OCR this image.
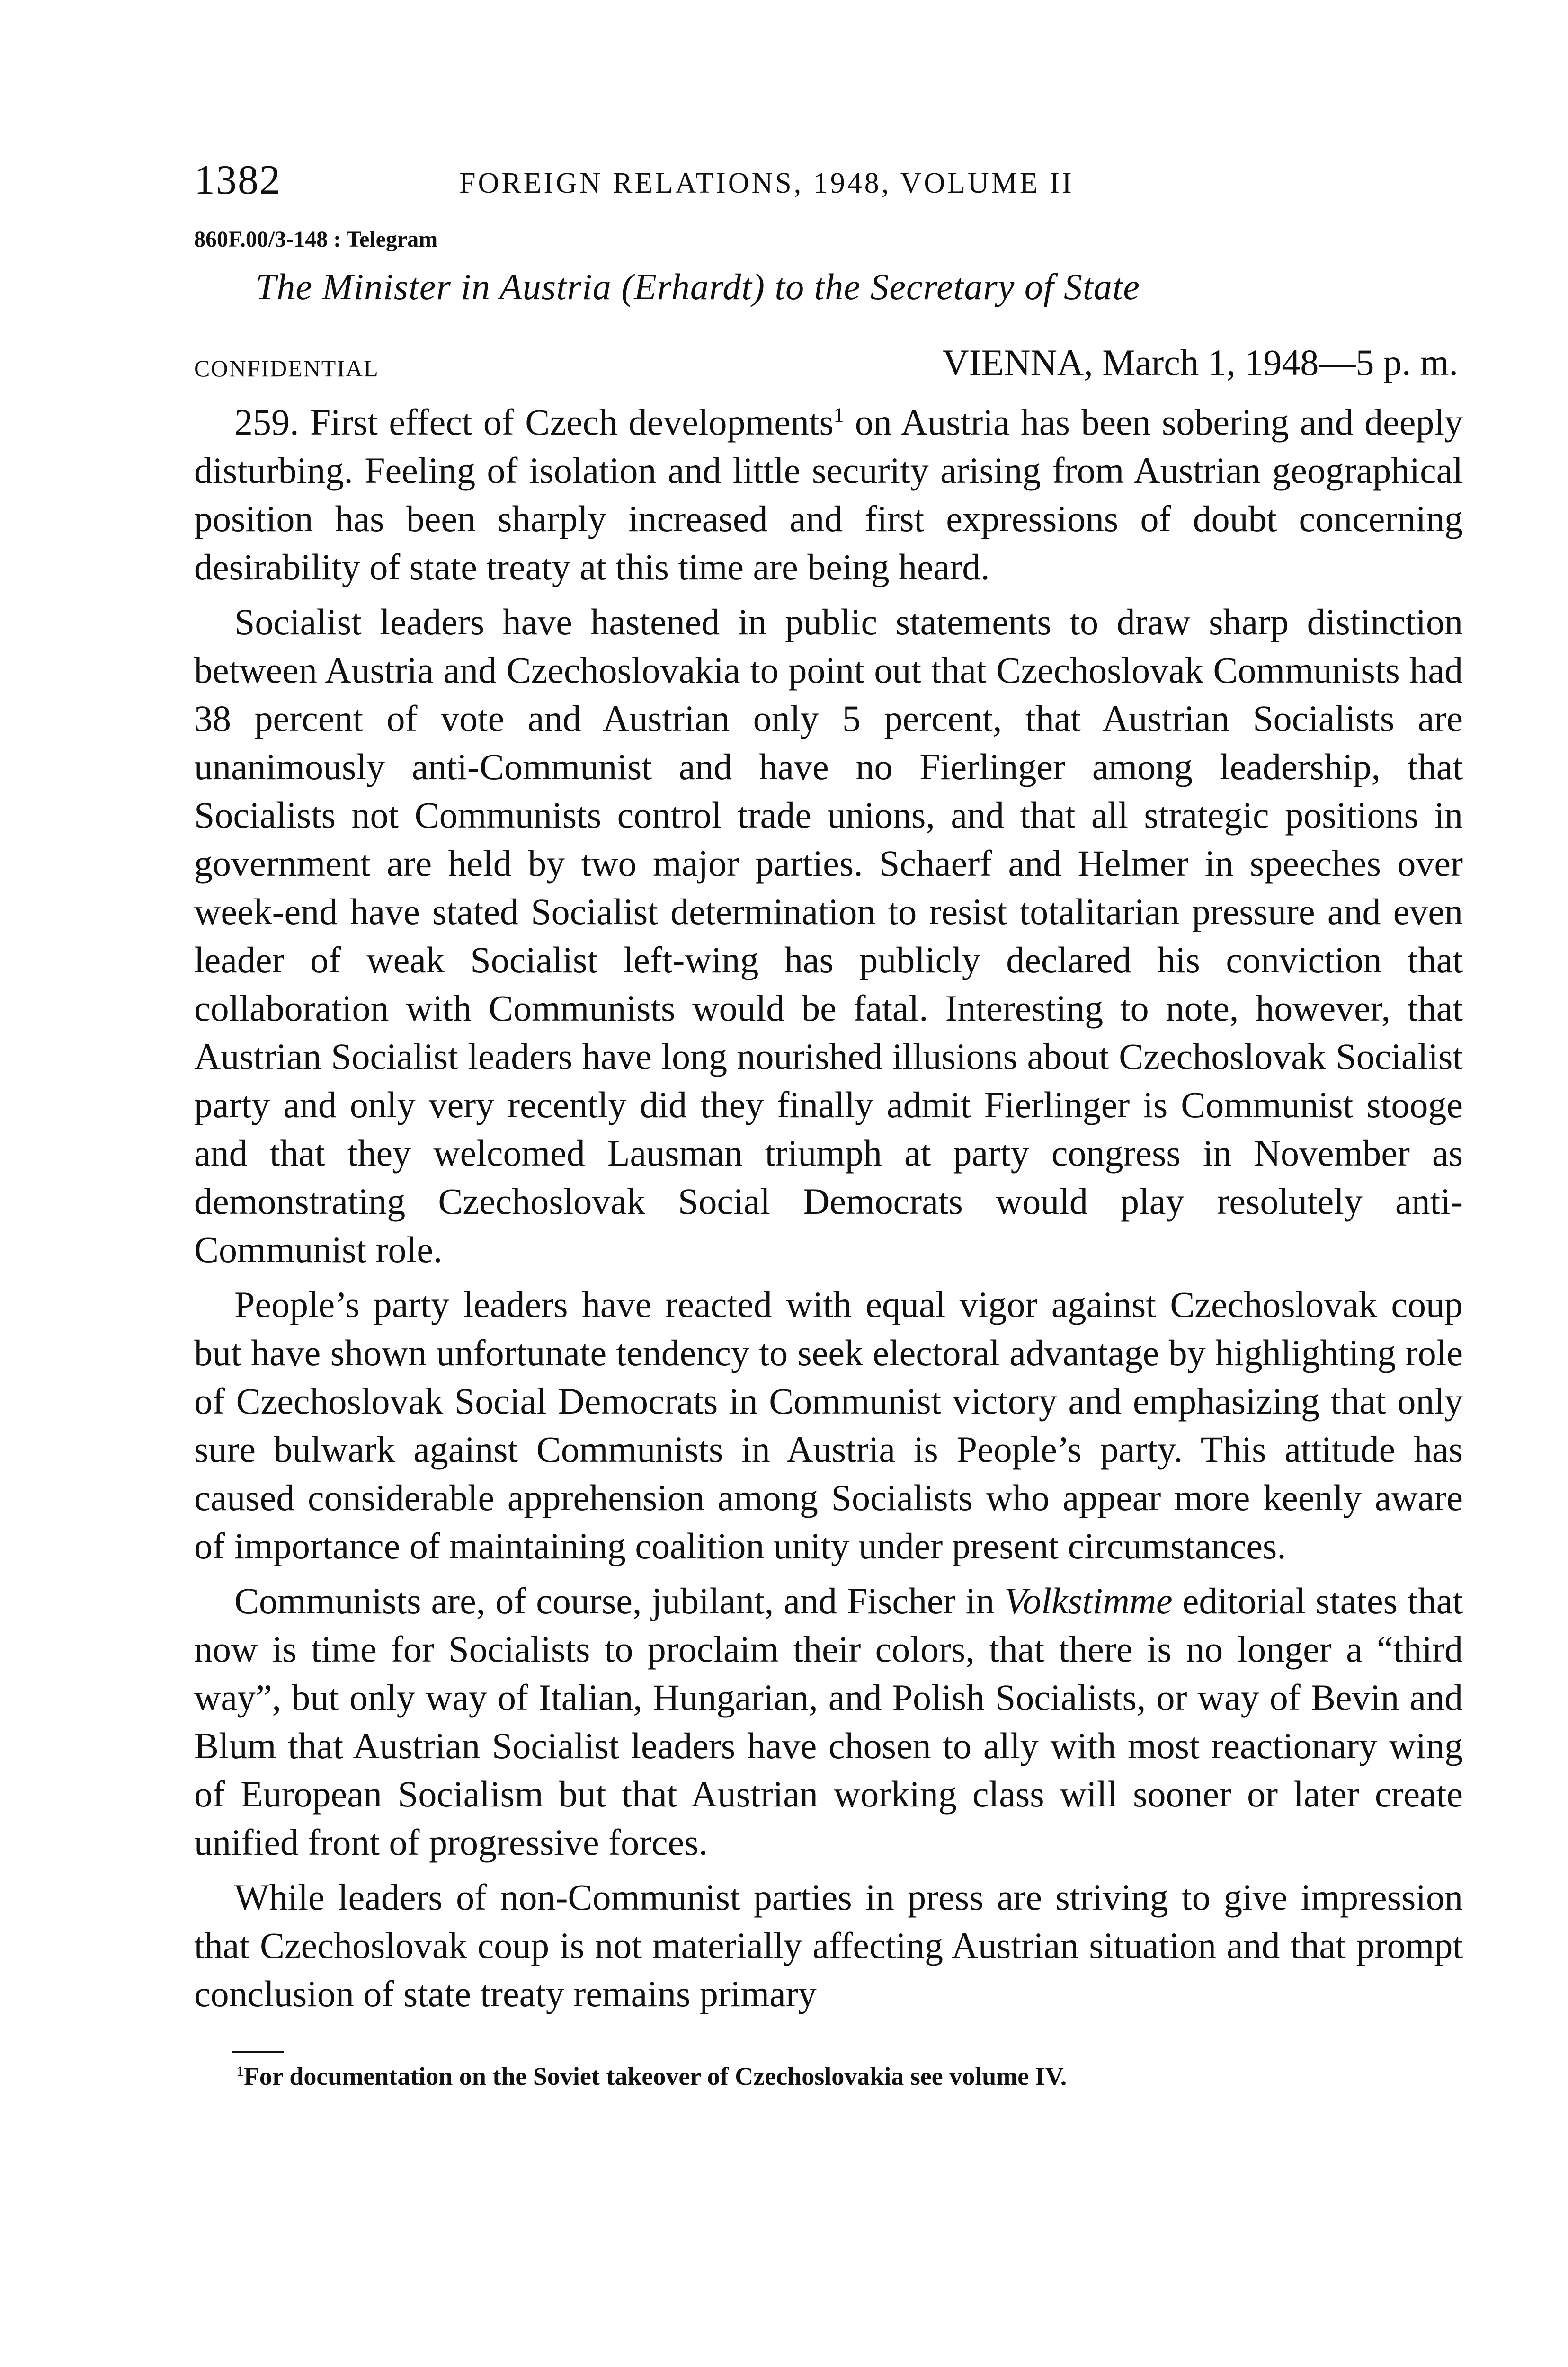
1382	FOREIGN RELATIONS, 1948, VOLUME II
860F.00/3-148 : Telegram
The Minister in Austria (Erhardt) to the Secretary of State
CONFIDENTIAL	VIENNA, March 1, 1948—5 p. m.

259. First effect of Czech developments$^1$ on Austria has been sobering and deeply disturbing. Feeling of isolation and little security arising from Austrian geographical position has been sharply increased and first expressions of doubt concerning desirability of state treaty at this time are being heard.

Socialist leaders have hastened in public statements to draw sharp distinction between Austria and Czechoslovakia to point out that Czechoslovak Communists had 38 percent of vote and Austrian only 5 percent, that Austrian Socialists are unanimously anti-Communist and have no Fierlinger among leadership, that Socialists not Communists control trade unions, and that all strategic positions in government are held by two major parties. Schaerf and Helmer in speeches over week-end have stated Socialist determination to resist totalitarian pressure and even leader of weak Socialist left-wing has publicly declared his conviction that collaboration with Communists would be fatal. Interesting to note, however, that Austrian Socialist leaders have long nourished illusions about Czechoslovak Socialist party and only very recently did they finally admit Fierlinger is Communist stooge and that they welcomed Lausman triumph at party congress in November as demonstrating Czechoslovak Social Democrats would play resolutely anti-Communist role.

People’s party leaders have reacted with equal vigor against Czechoslovak coup but have shown unfortunate tendency to seek electoral advantage by highlighting role of Czechoslovak Social Democrats in Communist victory and emphasizing that only sure bulwark against Communists in Austria is People’s party. This attitude has caused considerable apprehension among Socialists who appear more keenly aware of importance of maintaining coalition unity under present circumstances.

Communists are, of course, jubilant, and Fischer in Volkstimme editorial states that now is time for Socialists to proclaim their colors, that there is no longer a “third way”, but only way of Italian, Hungarian, and Polish Socialists, or way of Bevin and Blum that Austrian Socialist leaders have chosen to ally with most reactionary wing of European Socialism but that Austrian working class will sooner or later create unified front of progressive forces.

While leaders of non-Communist parties in press are striving to give impression that Czechoslovak coup is not materially affecting Austrian situation and that prompt conclusion of state treaty remains primary

$^1$For documentation on the Soviet takeover of Czechoslovakia see volume IV.
